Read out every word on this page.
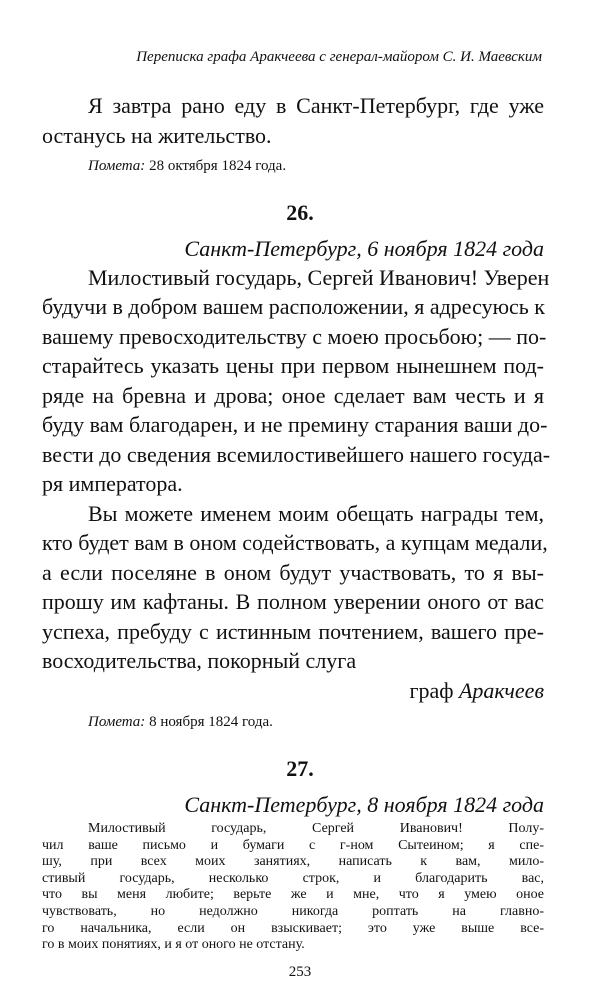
Переписка графа Аракчеева с генерал-майором С. И. Маевским
Я завтра рано еду в Санкт-Петербург, где уже
останусь на жительство.
Помета: 28 октября 1824 года.
26.
Санкт-Петербург, 6 ноября 1824 года
Милостивый государь, Сергей Иванович! Уверен
будучи в добром вашем расположении, я адресуюсь к
вашему превосходительству с моею просьбою; — по-
старайтесь указать цены при первом нынешнем под-
ряде на бревна и дрова; оное сделает вам честь и я
буду вам благодарен, и не премину старания ваши до-
вести до сведения всемилостивейшего нашего госуда-
ря императора.
Вы можете именем моим обещать награды тем,
кто будет вам в оном содействовать, а купцам медали,
а если поселяне в оном будут участвовать, то я вы-
прошу им кафтаны. В полном уверении оного от вас
успеха, пребуду с истинным почтением, вашего пре-
восходительства, покорный слуга
граф Аракчеев
Помета: 8 ноября 1824 года.
27.
Санкт-Петербург, 8 ноября 1824 года
253
Милостивый государь, Сергей Иванович! Полу-
чил ваше письмо и бумаги с г-ном Сытеином; я спе-
шу, при всех моих занятиях, написать к вам, мило-
стивый государь, несколько строк, и благодарить вас,
что вы меня любите; верьте же и мне, что я умею оное
чувствовать, но недолжно никогда роптать на главно-
го начальника, если он взыскивает; это уже выше все-
го в моих понятиях, и я от оного не отстану.
